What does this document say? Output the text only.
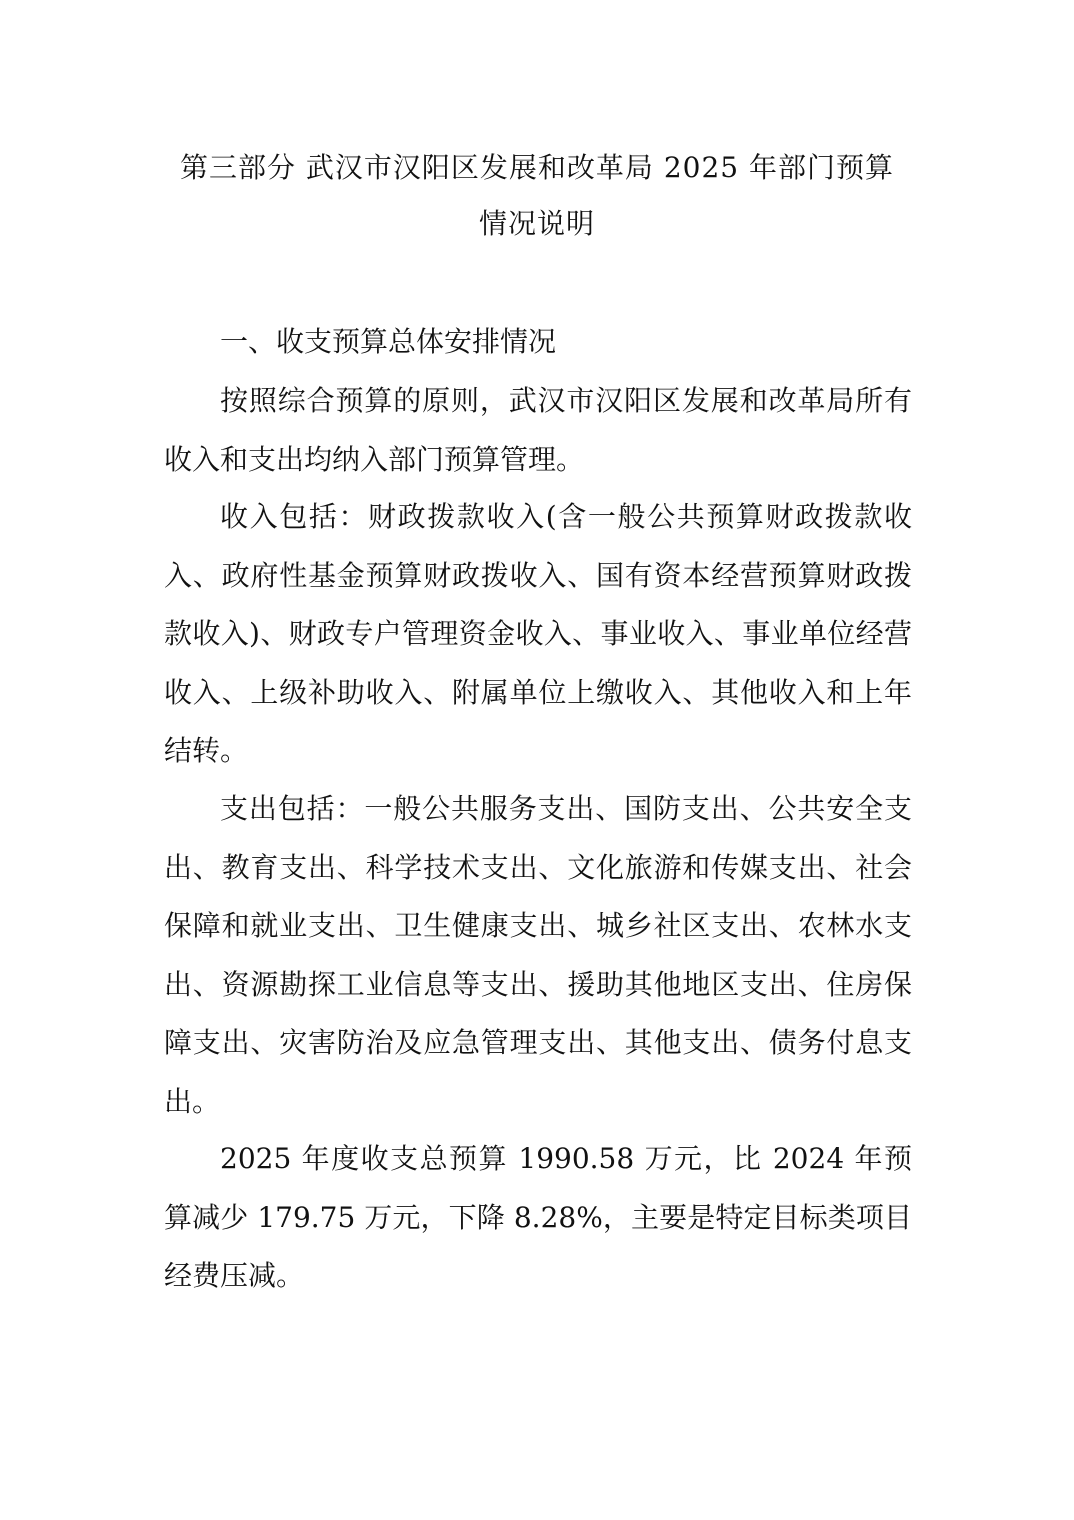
第三部分 武汉市汉阳区发展和改革局 2025 年部门预算
情况说明
一、收支预算总体安排情况

按照综合预算的原则，武汉市汉阳区发展和改革局所有收入和支出均纳入部门预算管理。

收入包括：财政拨款收入(含一般公共预算财政拨款收入、政府性基金预算财政拨收入、国有资本经营预算财政拨款收入)、财政专户管理资金收入、事业收入、事业单位经营收入、上级补助收入、附属单位上缴收入、其他收入和上年结转。

支出包括：一般公共服务支出、国防支出、公共安全支出、教育支出、科学技术支出、文化旅游和传媒支出、社会保障和就业支出、卫生健康支出、城乡社区支出、农林水支出、资源勘探工业信息等支出、援助其他地区支出、住房保障支出、灾害防治及应急管理支出、其他支出、债务付息支出。

2025 年度收支总预算 1990.58 万元，比 2024 年预算减少 179.75 万元，下降 8.28%，主要是特定目标类项目经费压减。
